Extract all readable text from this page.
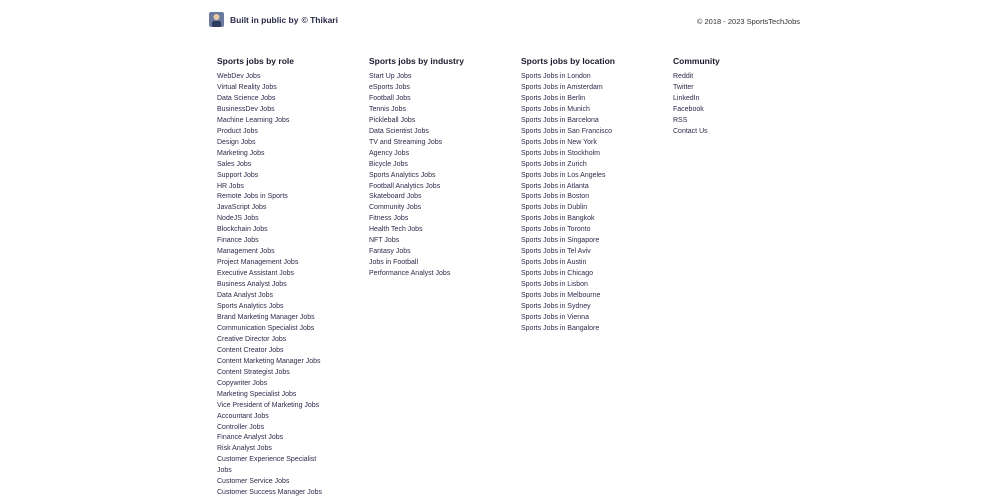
Built in public by © Thikari	© 2018 - 2023 SportsTechJobs
Sports jobs by role
WebDev Jobs
Virtual Reality Jobs
Data Science Jobs
BusinessDev Jobs
Machine Learning Jobs
Product Jobs
Design Jobs
Marketing Jobs
Sales Jobs
Support Jobs
HR Jobs
Remote Jobs in Sports
JavaScript Jobs
NodeJS Jobs
Blockchain Jobs
Finance Jobs
Management Jobs
Project Management Jobs
Executive Assistant Jobs
Business Analyst Jobs
Data Analyst Jobs
Sports Analytics Jobs
Brand Marketing Manager Jobs
Communication Specialist Jobs
Creative Director Jobs
Content Creator Jobs
Content Marketing Manager Jobs
Content Strategist Jobs
Copywriter Jobs
Marketing Specialist Jobs
Vice President of Marketing Jobs
Accountant Jobs
Controller Jobs
Finance Analyst Jobs
Risk Analyst Jobs
Customer Experience Specialist
Jobs
Customer Service Jobs
Customer Success Manager Jobs
Sports jobs by industry
Start Up Jobs
eSports Jobs
Football Jobs
Tennis Jobs
Pickleball Jobs
Data Scientist Jobs
TV and Streaming Jobs
Agency Jobs
Bicycle Jobs
Sports Analytics Jobs
Football Analytics Jobs
Skateboard Jobs
Community Jobs
Fitness Jobs
Health Tech Jobs
NFT Jobs
Fantasy Jobs
Jobs in Football
Performance Analyst Jobs
Sports jobs by location
Sports Jobs in London
Sports Jobs in Amsterdam
Sports Jobs in Berlin
Sports Jobs in Munich
Sports Jobs in Barcelona
Sports Jobs in San Francisco
Sports Jobs in New York
Sports Jobs in Stockholm
Sports Jobs in Zurich
Sports Jobs in Los Angeles
Sports Jobs in Atlanta
Sports Jobs in Boston
Sports Jobs in Dublin
Sports Jobs in Bangkok
Sports Jobs in Toronto
Sports Jobs in Singapore
Sports Jobs in Tel Aviv
Sports Jobs in Austin
Sports Jobs in Chicago
Sports Jobs in Lisbon
Sports Jobs in Melbourne
Sports Jobs in Sydney
Sports Jobs in Vienna
Sports Jobs in Bangalore
Community
Reddit
Twitter
LinkedIn
Facebook
RSS
Contact Us
